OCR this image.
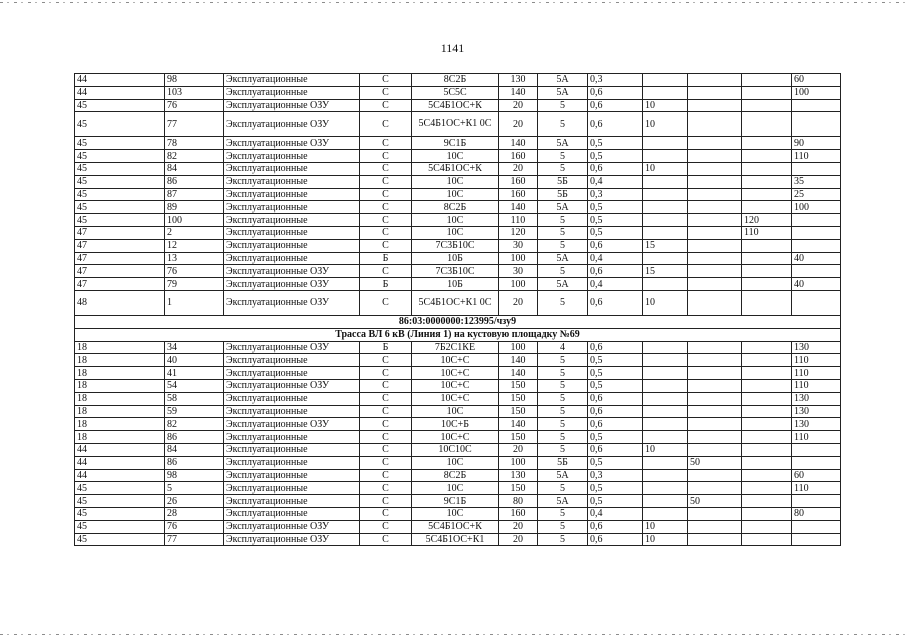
1141
44	98	Эксплуатационные	С	8С2Б	130	5А	0,3				60
44	103	Эксплуатационные	С	5С5С	140	5А	0,6				100
45	76	Эксплуатационные ОЗУ	С	5С4Б1ОС+К	20	5	0,6	10			
45	77	Эксплуатационные ОЗУ	С	5С4Б1ОС+К1 0С	20	5	0,6	10			
45	78	Эксплуатационные ОЗУ	С	9С1Б	140	5А	0,5				90
45	82	Эксплуатационные	С	10С	160	5	0,5				110
45	84	Эксплуатационные	С	5С4Б1ОС+К	20	5	0,6	10			
45	86	Эксплуатационные	С	10С	160	5Б	0,4				35
45	87	Эксплуатационные	С	10С	160	5Б	0,3				25
45	89	Эксплуатационные	С	8С2Б	140	5А	0,5				100
45	100	Эксплуатационные	С	10С	110	5	0,5			120	
47	2	Эксплуатационные	С	10С	120	5	0,5			110	
47	12	Эксплуатационные	С	7С3Б10С	30	5	0,6	15			
47	13	Эксплуатационные	Б	10Б	100	5А	0,4				40
47	76	Эксплуатационные ОЗУ	С	7С3Б10С	30	5	0,6	15			
47	79	Эксплуатационные ОЗУ	Б	10Б	100	5А	0,4				40
48	1	Эксплуатационные ОЗУ	С	5С4Б1ОС+К1 0С	20	5	0,6	10			
86:03:0000000:123995/чзу9											
Трасса ВЛ 6 кВ (Линия 1) на кустовую площадку №69											
18	34	Эксплуатационные ОЗУ	Б	7Б2С1КЕ	100	4	0,6				130
18	40	Эксплуатационные	С	10С+С	140	5	0,5				110
18	41	Эксплуатационные	С	10С+С	140	5	0,5				110
18	54	Эксплуатационные ОЗУ	С	10С+С	150	5	0,5				110
18	58	Эксплуатационные	С	10С+С	150	5	0,6				130
18	59	Эксплуатационные	С	10С	150	5	0,6				130
18	82	Эксплуатационные ОЗУ	С	10С+Б	140	5	0,6				130
18	86	Эксплуатационные	С	10С+С	150	5	0,5				110
44	84	Эксплуатационные	С	10С10С	20	5	0,6	10			
44	86	Эксплуатационные	С	10С	100	5Б	0,5		50		
44	98	Эксплуатационные	С	8С2Б	130	5А	0,3				60
45	5	Эксплуатационные	С	10С	150	5	0,5				110
45	26	Эксплуатационные	С	9С1Б	80	5А	0,5		50		
45	28	Эксплуатационные	С	10С	160	5	0,4				80
45	76	Эксплуатационные ОЗУ	С	5С4Б1ОС+К	20	5	0,6	10			
45	77	Эксплуатационные ОЗУ	С	5С4Б1ОС+К1	20	5	0,6	10			
